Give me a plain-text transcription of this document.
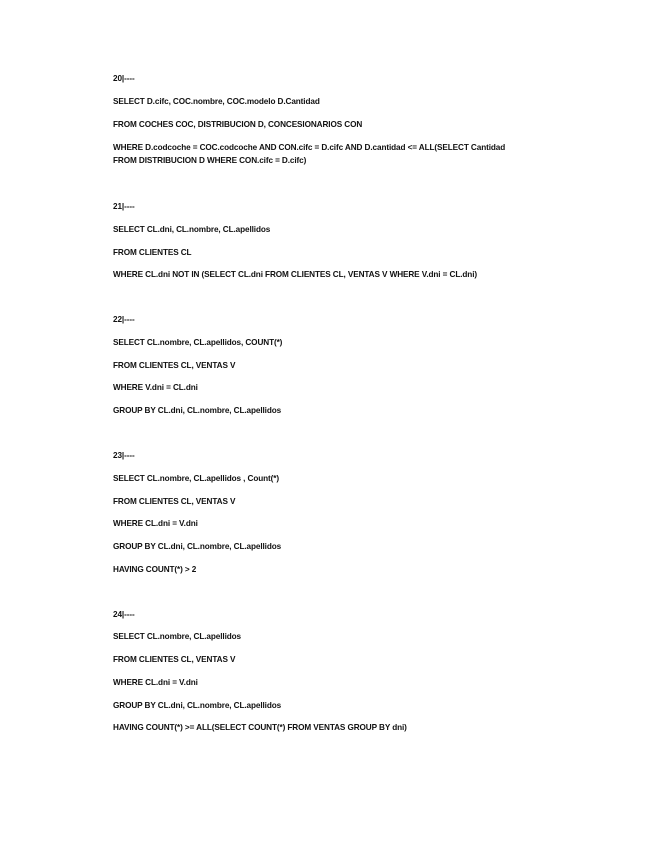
20|----
SELECT D.cifc, COC.nombre, COC.modelo D.Cantidad
FROM COCHES COC, DISTRIBUCION D, CONCESIONARIOS CON
WHERE D.codcoche = COC.codcoche AND CON.cifc = D.cifc AND D.cantidad <= ALL(SELECT Cantidad FROM DISTRIBUCION D WHERE CON.cifc = D.cifc)
21|----
SELECT CL.dni, CL.nombre, CL.apellidos
FROM CLIENTES CL
WHERE CL.dni NOT IN (SELECT CL.dni FROM CLIENTES CL, VENTAS V WHERE V.dni = CL.dni)
22|----
SELECT CL.nombre, CL.apellidos, COUNT(*)
FROM CLIENTES CL, VENTAS V
WHERE V.dni = CL.dni
GROUP BY CL.dni, CL.nombre, CL.apellidos
23|----
SELECT CL.nombre, CL.apellidos , Count(*)
FROM CLIENTES CL, VENTAS V
WHERE CL.dni = V.dni
GROUP BY CL.dni, CL.nombre, CL.apellidos
HAVING COUNT(*) > 2
24|----
SELECT CL.nombre, CL.apellidos
FROM CLIENTES CL, VENTAS V
WHERE CL.dni = V.dni
GROUP BY CL.dni, CL.nombre, CL.apellidos
HAVING COUNT(*) >= ALL(SELECT COUNT(*) FROM VENTAS GROUP BY dni)
